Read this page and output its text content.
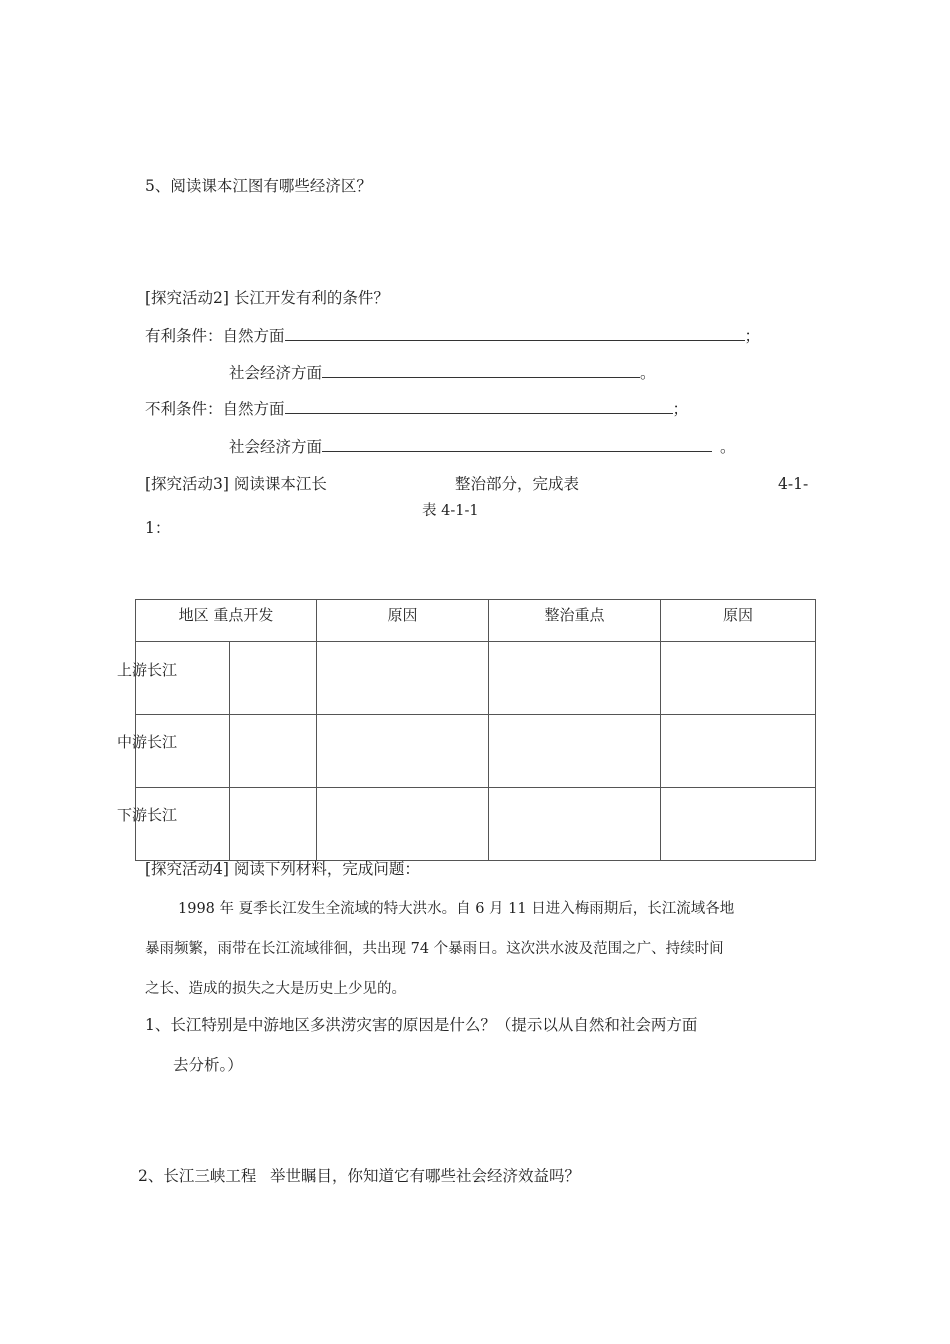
5、阅读课本江图有哪些经济区？
[探究活动2] 长江开发有利的条件？
有利条件：自然方面	；
社会经济方面	。
不利条件：自然方面	；
社会经济方面	。
[探究活动3] 阅读课本江长	整治部分，完成表	4-1-
1：
表 4-1-1
地区 重点开发	原因	整治重点	原因

上游长江
中游长江
下游长江
[探究活动4] 阅读下列材料，完成问题：
1998 年 夏季长江发生全流域的特大洪水。自 6 月 11 日进入梅雨期后，长江流域各地
暴雨频繁，雨带在长江流域徘徊，共出现 74 个暴雨日。这次洪水波及范围之广、持续时间
之长、造成的损失之大是历史上少见的。
1、长江特别是中游地区多洪涝灾害的原因是什么？（提示以从自然和社会两方面
去分析。）
2、长江三峡工程 举世瞩目，你知道它有哪些社会经济效益吗？
